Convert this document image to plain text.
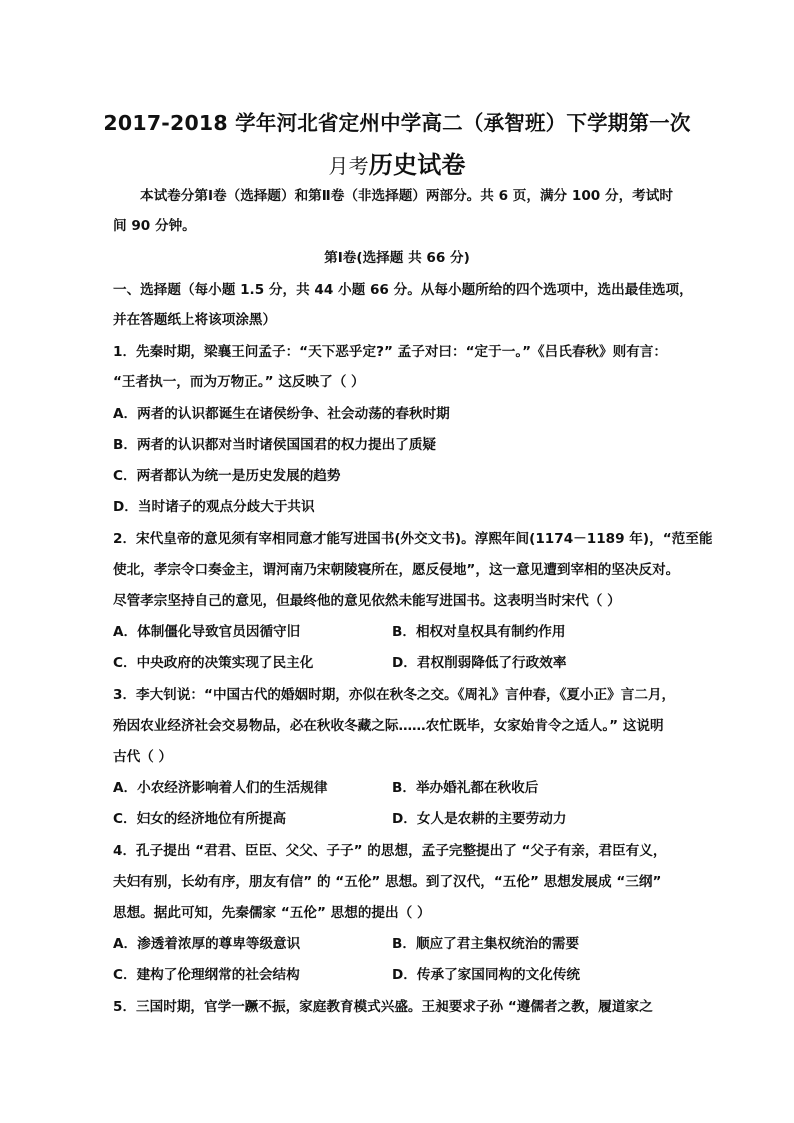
2017-2018 学年河北省定州中学高二（承智班）下学期第一次
月考历史试卷
本试卷分第Ⅰ卷（选择题）和第Ⅱ卷（非选择题）两部分。共 6 页，满分 100 分，考试时
间 90 分钟。
第Ⅰ卷(选择题 共 66 分)
一、选择题（每小题 1.5 分，共 44 小题 66 分。从每小题所给的四个选项中，选出最佳选项，
并在答题纸上将该项涂黑）
1．先秦时期，梁襄王问孟子：“天下恶乎定?” 孟子对曰：“定于一。”《吕氏春秋》则有言：
“王者执一，而为万物正。” 这反映了（ ）
A．两者的认识都诞生在诸侯纷争、社会动荡的春秋时期
B．两者的认识都对当时诸侯国国君的权力提出了质疑
C．两者都认为统一是历史发展的趋势
D．当时诸子的观点分歧大于共识
2．宋代皇帝的意见须有宰相同意才能写进国书(外交文书)。淳熙年间(1174－1189 年)，“范至能
使北，孝宗令口奏金主，谓河南乃宋朝陵寝所在，愿反侵地”，这一意见遭到宰相的坚决反对。
尽管孝宗坚持自己的意见，但最终他的意见依然未能写进国书。这表明当时宋代（ ）
A．体制僵化导致官员因循守旧	B．相权对皇权具有制约作用
C．中央政府的决策实现了民主化	D．君权削弱降低了行政效率
3．李大钊说：“中国古代的婚姻时期，亦似在秋冬之交。《周礼》言仲春，《夏小正》言二月，
殆因农业经济社会交易物品，必在秋收冬藏之际……农忙既毕，女家始肯令之适人。” 这说明
古代（ ）
A．小农经济影响着人们的生活规律	B．举办婚礼都在秋收后
C．妇女的经济地位有所提高	D．女人是农耕的主要劳动力
4．孔子提出 “君君、臣臣、父父、子子” 的思想，孟子完整提出了 “父子有亲，君臣有义，
夫妇有别，长幼有序，朋友有信” 的 “五伦” 思想。到了汉代，“五伦” 思想发展成 “三纲”
思想。据此可知，先秦儒家 “五伦” 思想的提出（ ）
A．渗透着浓厚的尊卑等级意识	B．顺应了君主集权统治的需要
C．建构了伦理纲常的社会结构	D．传承了家国同构的文化传统
5．三国时期，官学一蹶不振，家庭教育模式兴盛。王昶要求子孙 “遵儒者之教，履道家之
